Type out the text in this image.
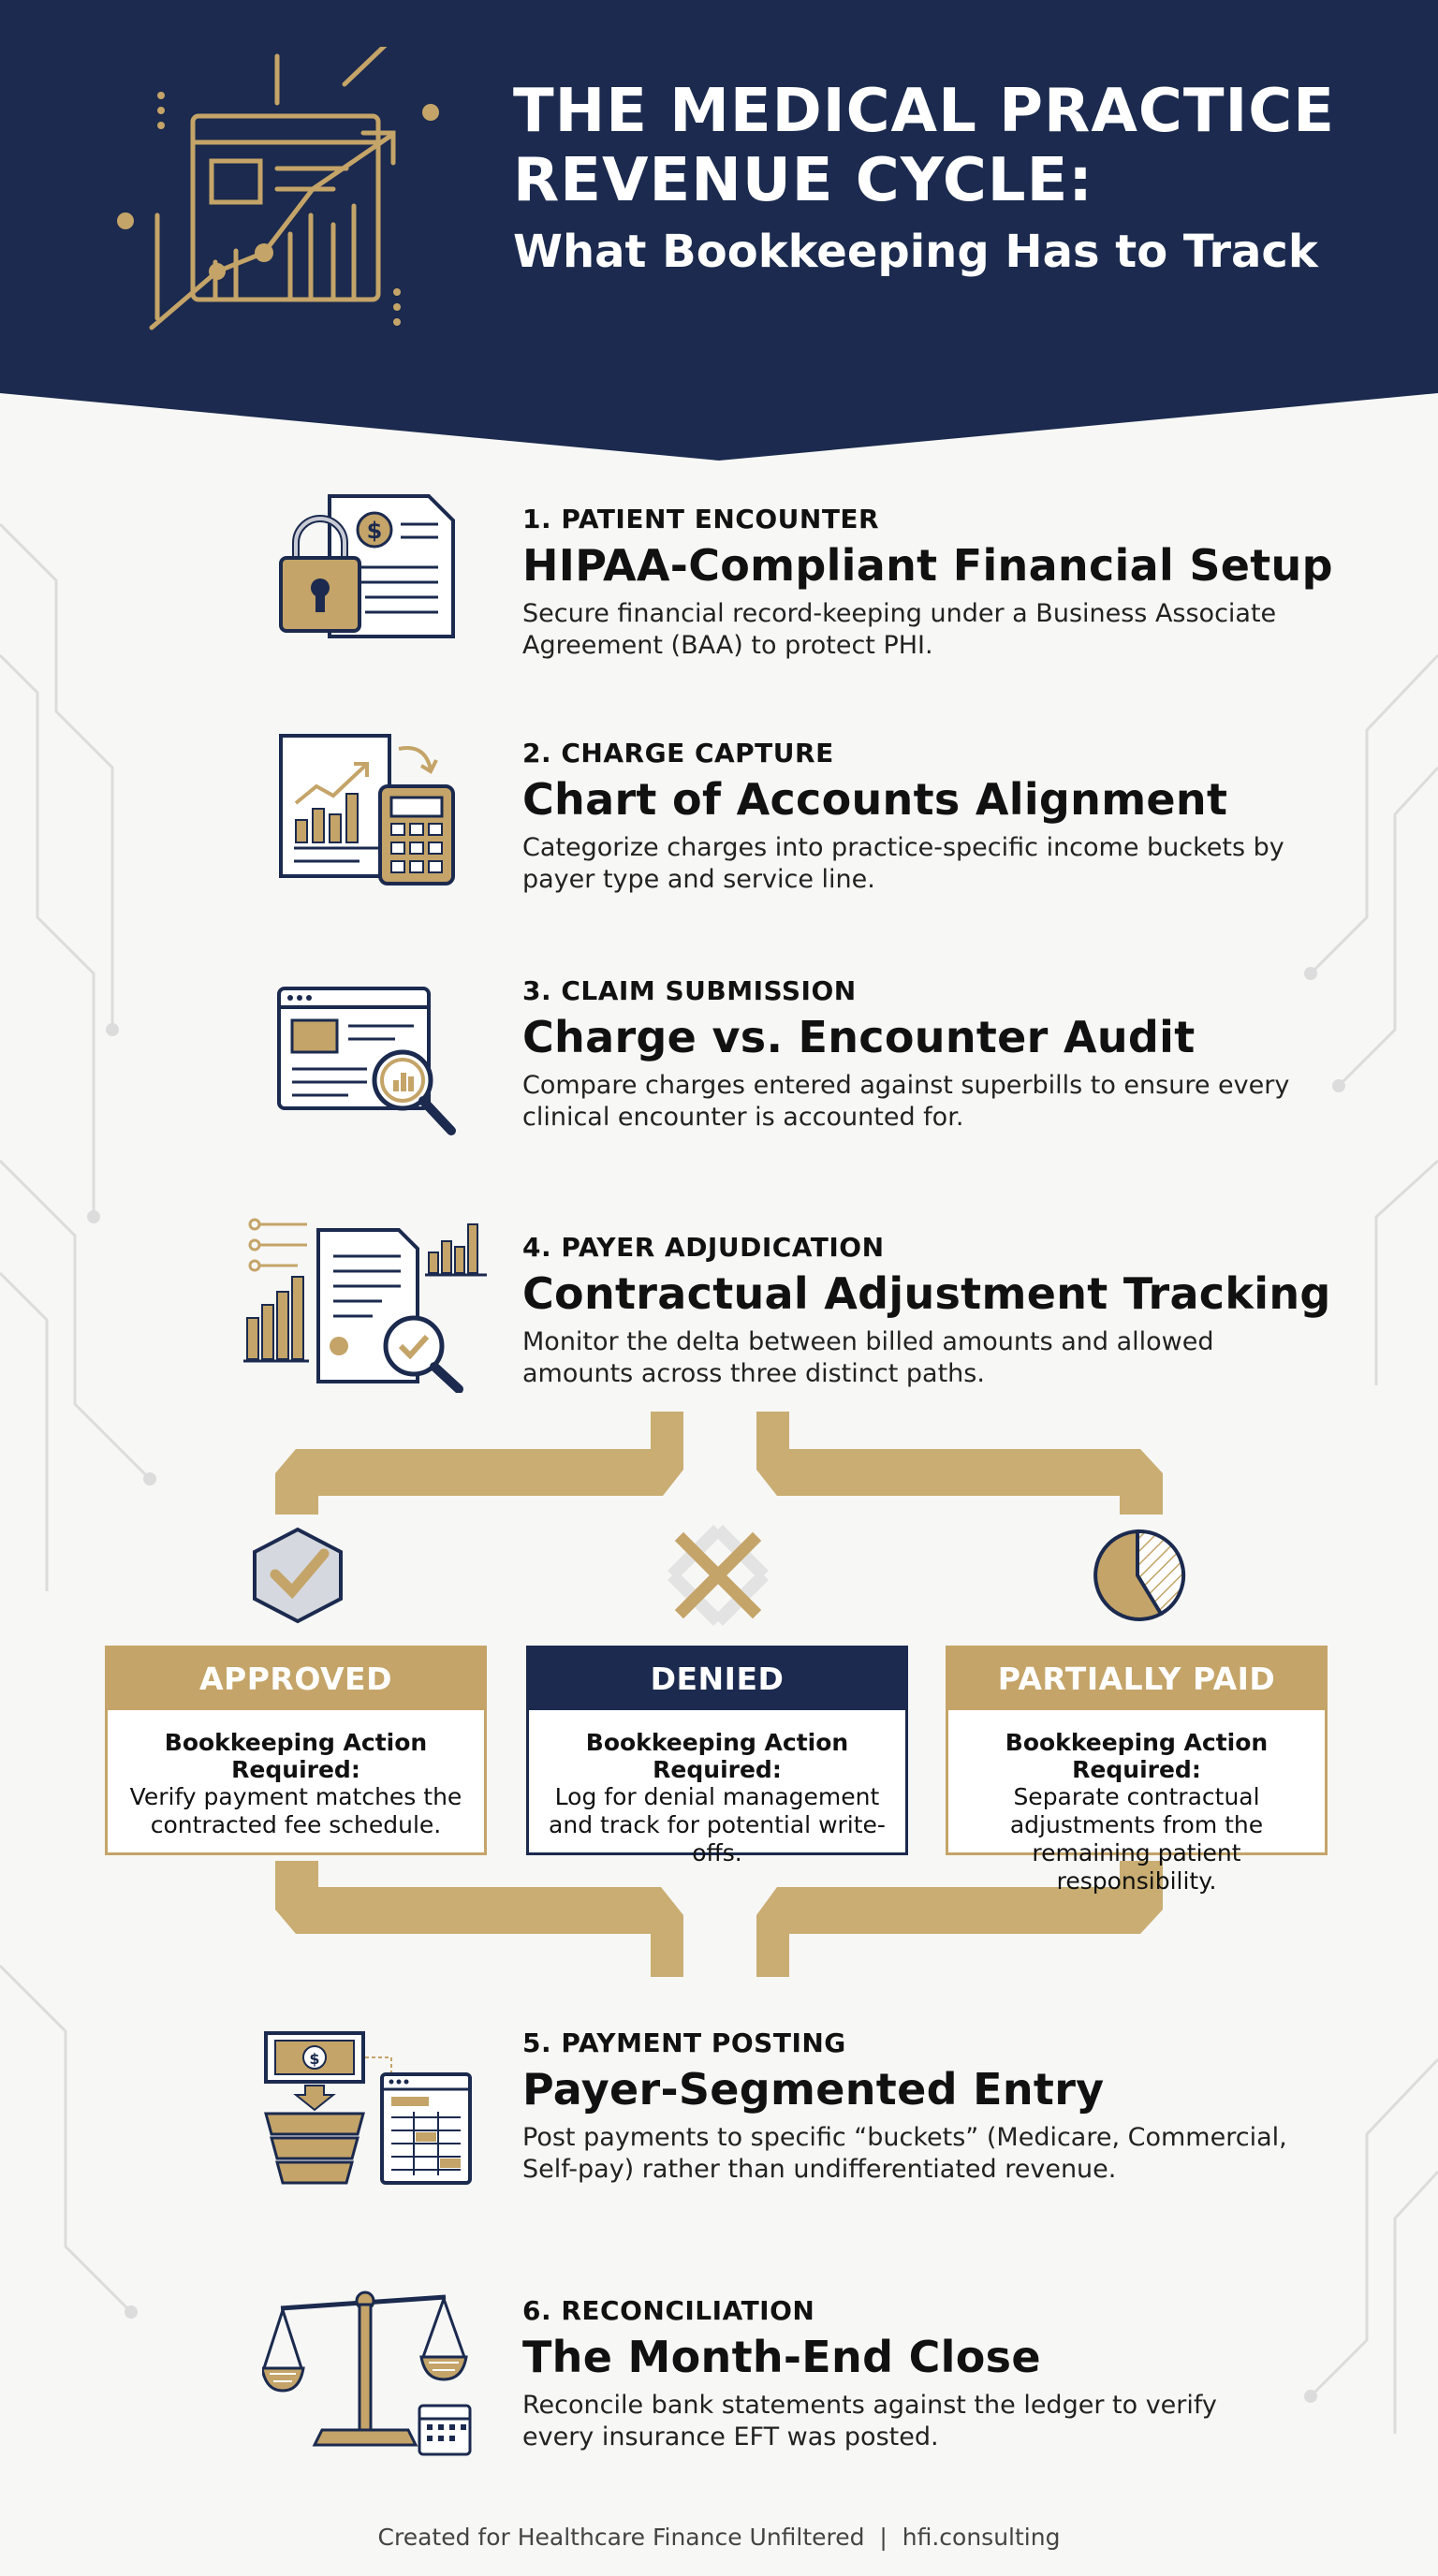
THE MEDICAL PRACTICE
REVENUE CYCLE:
What Bookkeeping Has to Track
$	1. PATIENT ENCOUNTER
HIPAA-Compliant Financial Setup
Secure financial record-keeping under a Business Associate Agreement (BAA) to protect PHI.
2. CHARGE CAPTURE
Chart of Accounts Alignment
Categorize charges into practice-specific income buckets by payer type and service line.
3. CLAIM SUBMISSION
Charge vs. Encounter Audit
Compare charges entered against superbills to ensure every clinical encounter is accounted for.
4. PAYER ADJUDICATION
Contractual Adjustment Tracking
Monitor the delta between billed amounts and allowed amounts across three distinct paths.
APPROVED
Bookkeeping Action Required:
Verify payment matches the contracted fee schedule.
DENIED
Bookkeeping Action Required:
Log for denial management and track for potential write-offs.
PARTIALLY PAID
Bookkeeping Action Required:
Separate contractual adjustments from the remaining patient responsibility.
$
5. PAYMENT POSTING
Payer-Segmented Entry
Post payments to specific “buckets” (Medicare, Commercial, Self-pay) rather than undifferentiated revenue.
6. RECONCILIATION
The Month-End Close
Reconcile bank statements against the ledger to verify every insurance EFT was posted.
Created for Healthcare Finance Unfiltered  |  hfi.consulting
